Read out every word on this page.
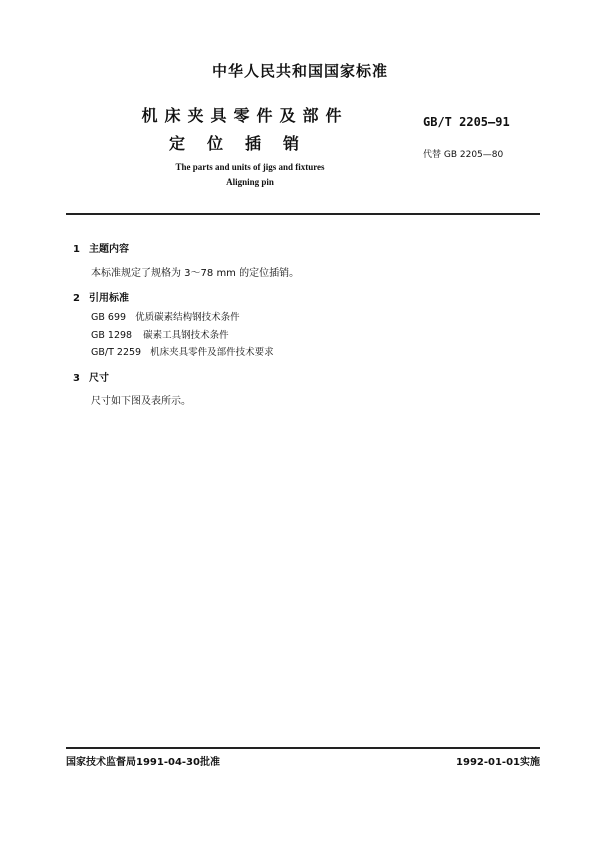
中华人民共和国国家标准
机床夹具零件及部件
定位插销
GB/T 2205—91
代替 GB 2205—80
The parts and units of jigs and fixtures
Aligning pin
1 主题内容
本标准规定了规格为 3～78 mm 的定位插销。
2 引用标准
GB 699 优质碳素结构钢技术条件
GB 1298 碳素工具钢技术条件
GB/T 2259 机床夹具零件及部件技术要求
3 尺寸
尺寸如下图及表所示。
国家技术监督局1991-04-30批准	1992-01-01实施
